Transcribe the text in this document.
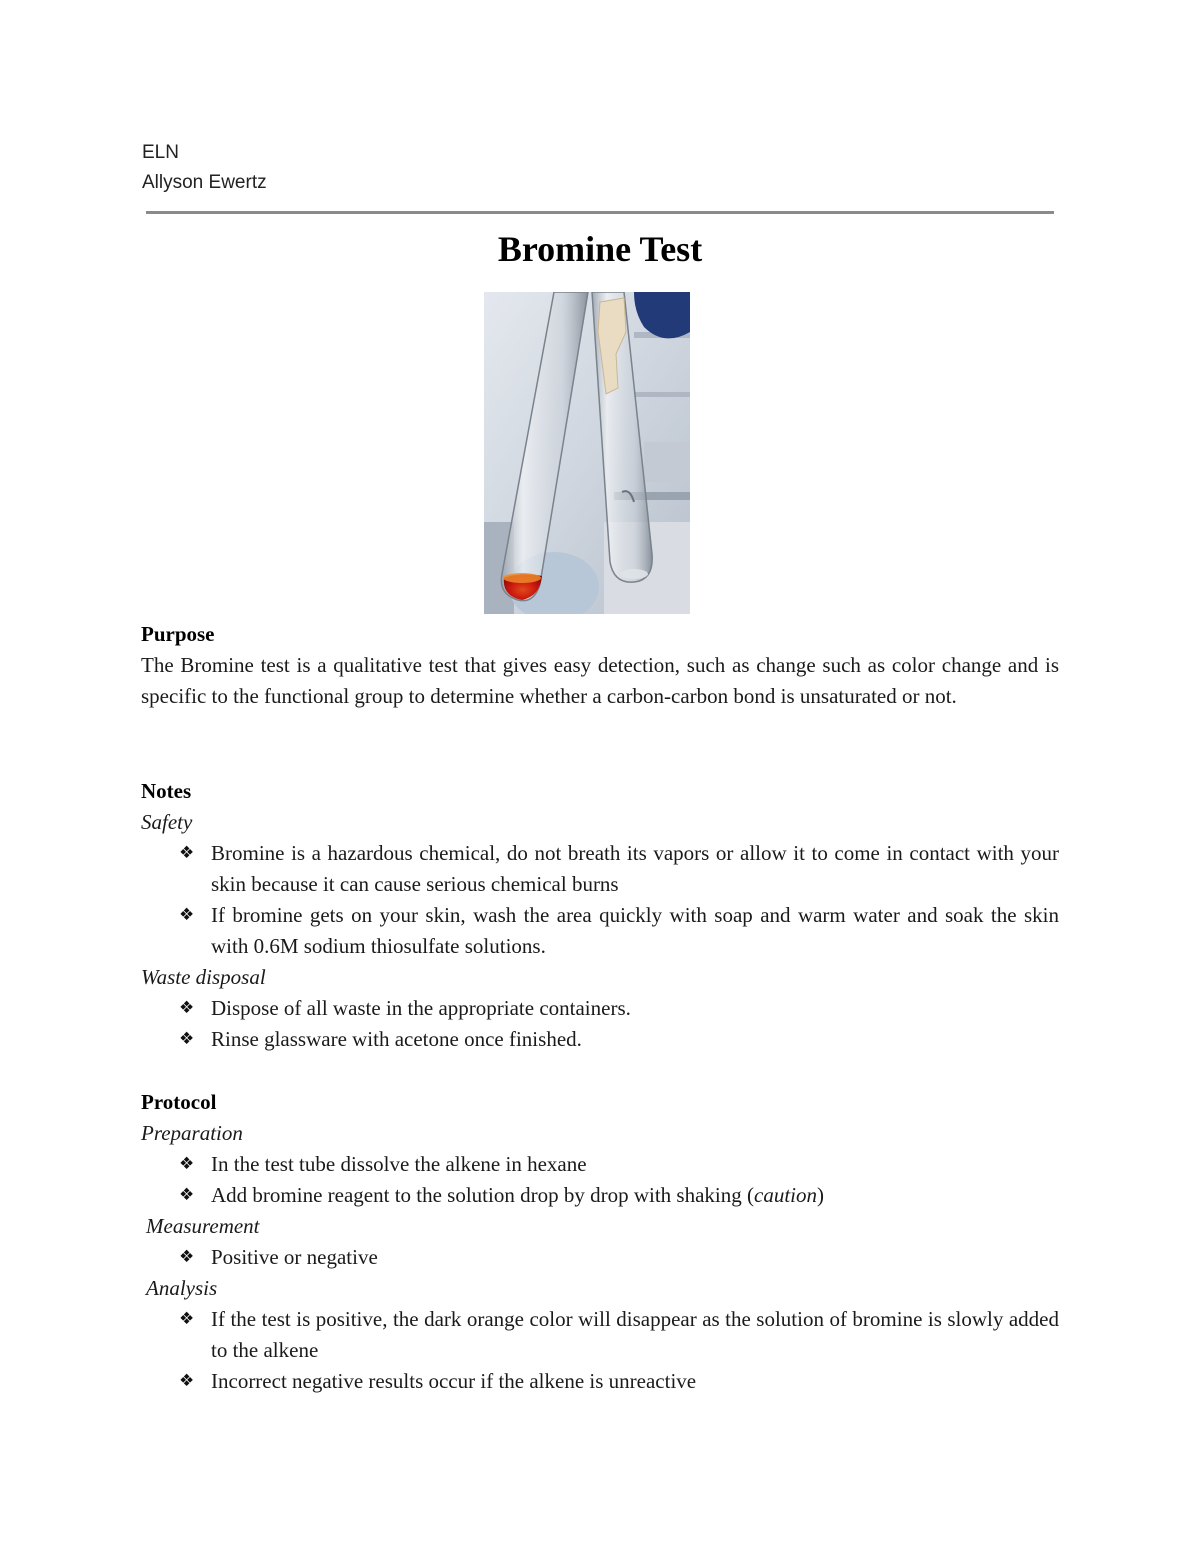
ELN
Allyson Ewertz
Bromine Test
Purpose
The Bromine test is a qualitative test that gives easy detection, such as change such as color change and is specific to the functional group to determine whether a carbon-carbon bond is unsaturated or not.
Notes
Safety
❖ Bromine is a hazardous chemical, do not breath its vapors or allow it to come in contact with your skin because it can cause serious chemical burns
❖ If bromine gets on your skin, wash the area quickly with soap and warm water and soak the skin with 0.6M sodium thiosulfate solutions.
Waste disposal
❖ Dispose of all waste in the appropriate containers.
❖ Rinse glassware with acetone once finished.
Protocol
Preparation
❖ In the test tube dissolve the alkene in hexane
❖ Add bromine reagent to the solution drop by drop with shaking (caution)
Measurement
❖ Positive or negative
Analysis
❖ If the test is positive, the dark orange color will disappear as the solution of bromine is slowly added to the alkene
❖ Incorrect negative results occur if the alkene is unreactive
